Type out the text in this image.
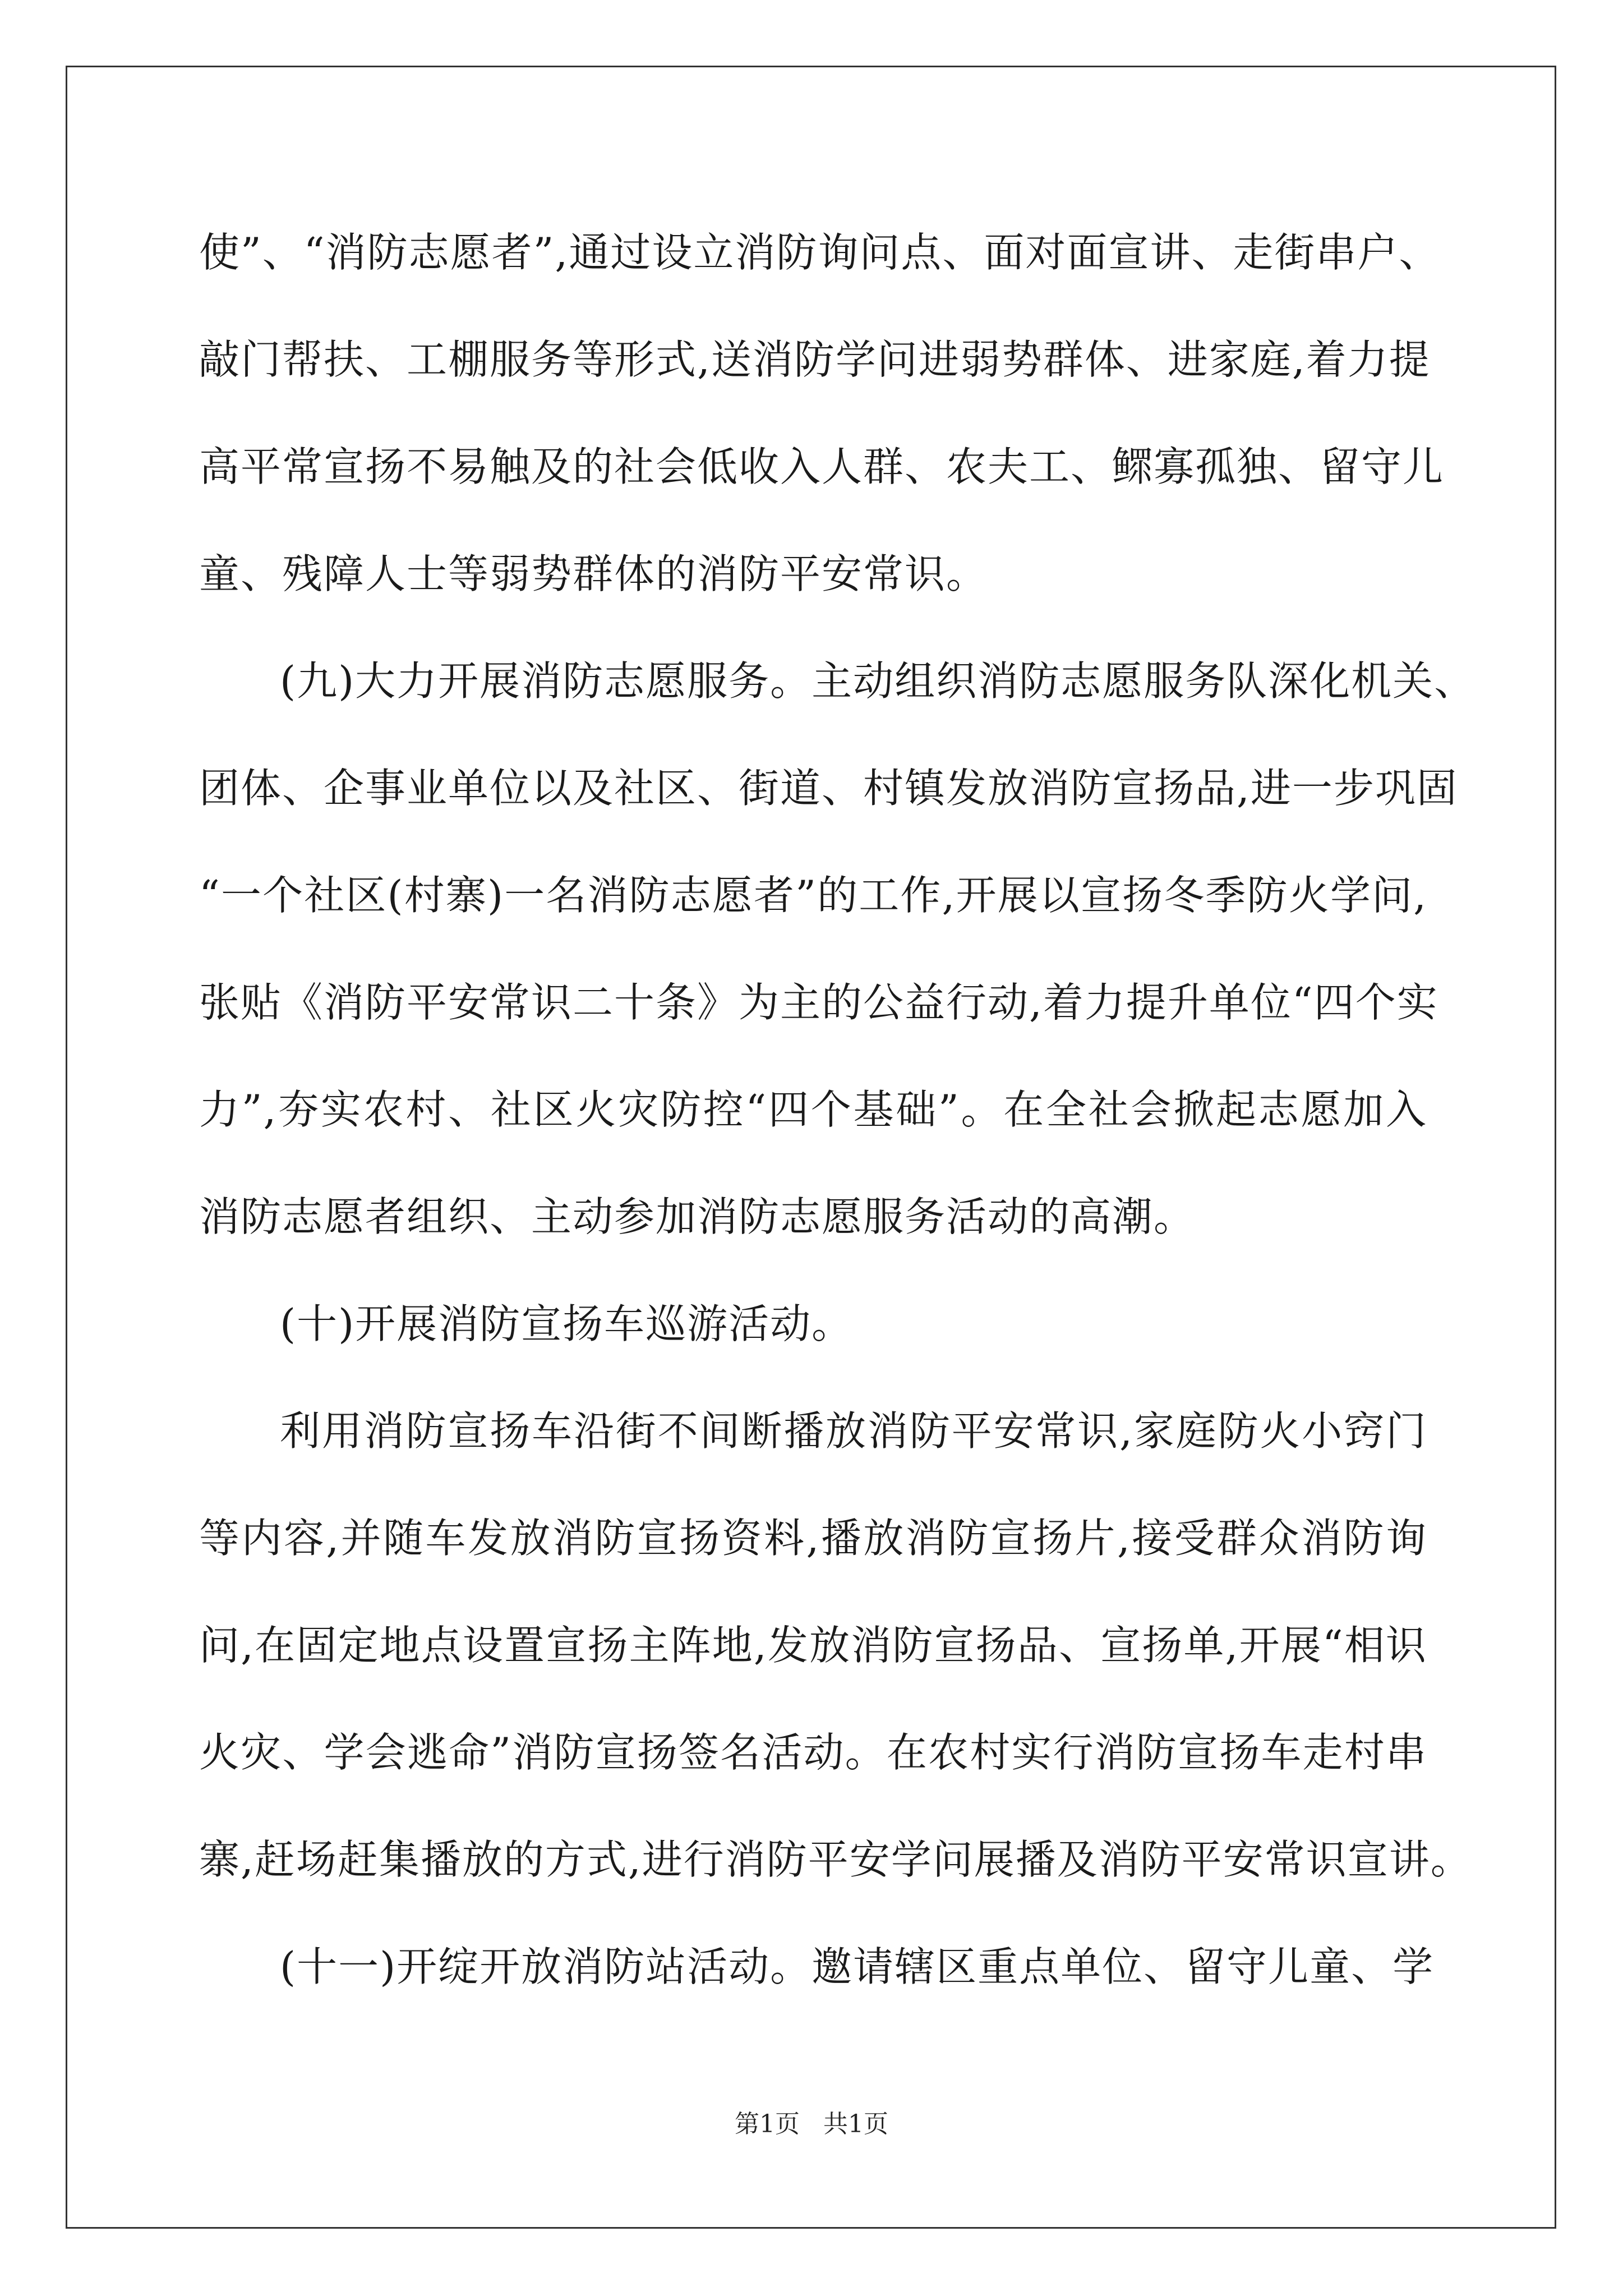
使”、“消防志愿者”,通过设立消防询问点、面对面宣讲、走街串户、
敲门帮扶、工棚服务等形式,送消防学问进弱势群体、进家庭,着力提
高平常宣扬不易触及的社会低收入人群、农夫工、鳏寡孤独、留守儿
童、残障人士等弱势群体的消防平安常识。
(九)大力开展消防志愿服务。主动组织消防志愿服务队深化机关、
团体、企事业单位以及社区、街道、村镇发放消防宣扬品,进一步巩固
“一个社区(村寨)一名消防志愿者”的工作,开展以宣扬冬季防火学问,
张贴《消防平安常识二十条》为主的公益行动,着力提升单位“四个实
力”,夯实农村、社区火灾防控“四个基础”。在全社会掀起志愿加入
消防志愿者组织、主动参加消防志愿服务活动的高潮。
(十)开展消防宣扬车巡游活动。
利用消防宣扬车沿街不间断播放消防平安常识,家庭防火小窍门
等内容,并随车发放消防宣扬资料,播放消防宣扬片,接受群众消防询
问,在固定地点设置宣扬主阵地,发放消防宣扬品、宣扬单,开展“相识
火灾、学会逃命”消防宣扬签名活动。在农村实行消防宣扬车走村串
寨,赶场赶集播放的方式,进行消防平安学问展播及消防平安常识宣讲。
(十一)开绽开放消防站活动。邀请辖区重点单位、留守儿童、学
第1页 共1页
